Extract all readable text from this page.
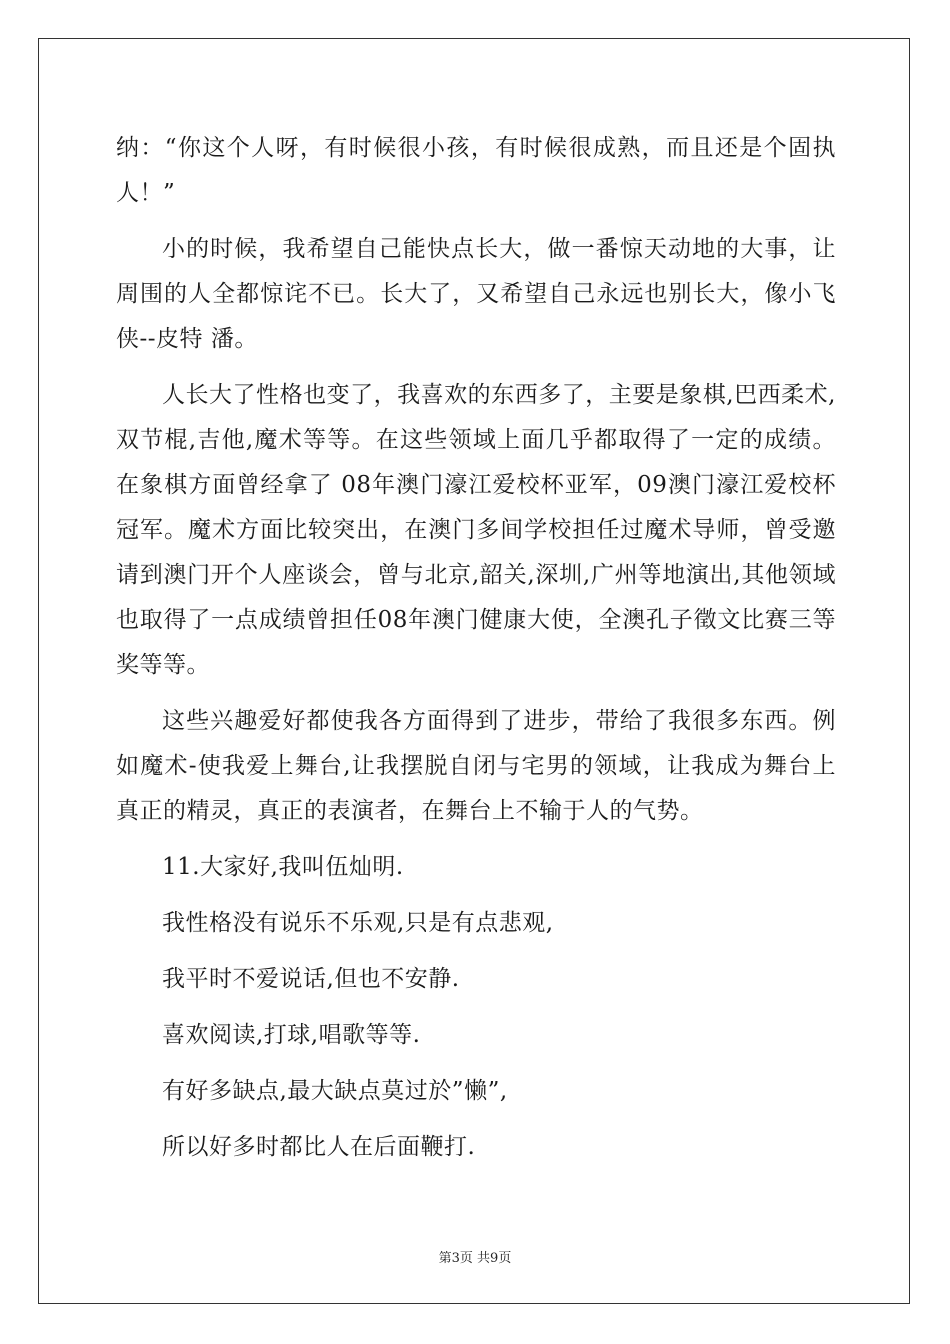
纳：“你这个人呀，有时候很小孩，有时候很成熟，而且还是个固执人！”

小的时候，我希望自己能快点长大，做一番惊天动地的大事，让周围的人全都惊诧不已。长大了，又希望自己永远也别长大，像小飞侠--皮特 潘。

人长大了性格也变了，我喜欢的东西多了，主要是象棋,巴西柔术,双节棍,吉他,魔术等等。在这些领域上面几乎都取得了一定的成绩。在象棋方面曾经拿了 08年澳门濠江爱校杯亚军，09澳门濠江爱校杯冠军。魔术方面比较突出，在澳门多间学校担任过魔术导师，曾受邀请到澳门开个人座谈会，曾与北京,韶关,深圳,广州等地演出,其他领域也取得了一点成绩曾担任08年澳门健康大使，全澳孔子徵文比赛三等奖等等。

这些兴趣爱好都使我各方面得到了进步，带给了我很多东西。例如魔术-使我爱上舞台,让我摆脱自闭与宅男的领域，让我成为舞台上真正的精灵，真正的表演者，在舞台上不输于人的气势。

11.大家好,我叫伍灿明.
我性格没有说乐不乐观,只是有点悲观,
我平时不爱说话,但也不安静.
喜欢阅读,打球,唱歌等等.
有好多缺点,最大缺点莫过於”懒”,
所以好多时都比人在后面鞭打.
第3页 共9页
